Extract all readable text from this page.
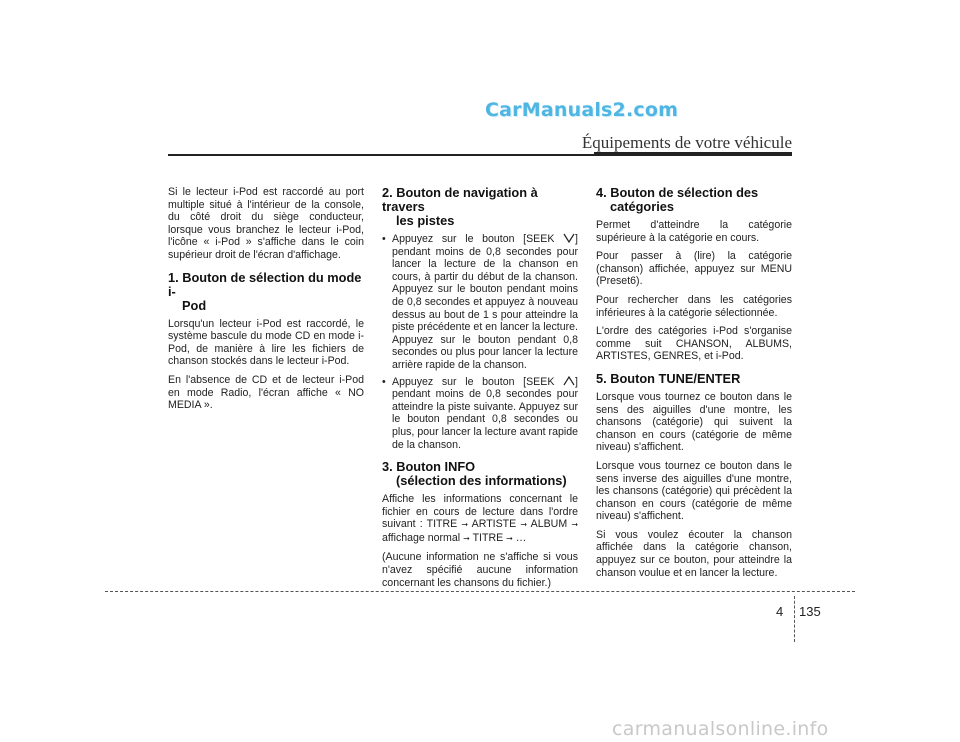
CarManuals2.com
Équipements de votre véhicule

Si le lecteur i-Pod est raccordé au port multiple situé à l'intérieur de la console, du côté droit du siège conducteur, lorsque vous branchez le lecteur i-Pod, l'icône « i-Pod » s'affiche dans le coin supérieur droit de l'écran d'affichage.

1. Bouton de sélection du mode i-
Pod

Lorsqu'un lecteur i-Pod est raccordé, le système bascule du mode CD en mode i-Pod, de manière à lire les fichiers de chanson stockés dans le lecteur i-Pod.

En l'absence de CD et de lecteur i-Pod en mode Radio, l'écran affiche « NO MEDIA ».

2. Bouton de navigation à travers
les pistes
• Appuyez sur le bouton [SEEK ] pendant moins de 0,8 secondes pour lancer la lecture de la chanson en cours, à partir du début de la chanson. Appuyez sur le bouton pendant moins de 0,8 secondes et appuyez à nouveau dessus au bout de 1 s pour atteindre la piste précédente et en lancer la lecture. Appuyez sur le bouton pendant 0,8 secondes ou plus pour lancer la lecture arrière rapide de la chanson.

• Appuyez sur le bouton [SEEK ] pendant moins de 0,8 secondes pour atteindre la piste suivante. Appuyez sur le bouton pendant 0,8 secondes ou plus, pour lancer la lecture avant rapide de la chanson.

3. Bouton INFO
(sélection des informations)

Affiche les informations concernant le fichier en cours de lecture dans l'ordre suivant : TITRE ➞ ARTISTE ➞ ALBUM ➞ affichage normal ➞ TITRE ➞ …

(Aucune information ne s'affiche si vous n'avez spécifié aucune information concernant les chansons du fichier.)

4. Bouton de sélection des
catégories

Permet d'atteindre la catégorie supérieure à la catégorie en cours.

Pour passer à (lire) la catégorie (chanson) affichée, appuyez sur MENU (Preset6).

Pour rechercher dans les catégories inférieures à la catégorie sélectionnée.

L'ordre des catégories i-Pod s'organise comme suit CHANSON, ALBUMS, ARTISTES, GENRES, et i-Pod.

5. Bouton TUNE/ENTER

Lorsque vous tournez ce bouton dans le sens des aiguilles d'une montre, les chansons (catégorie) qui suivent la chanson en cours (catégorie de même niveau) s'affichent.

Lorsque vous tournez ce bouton dans le sens inverse des aiguilles d'une montre, les chansons (catégorie) qui précèdent la chanson en cours (catégorie de même niveau) s'affichent.

Si vous voulez écouter la chanson affichée dans la catégorie chanson, appuyez sur ce bouton, pour atteindre la chanson voulue et en lancer la lecture.

4 135
carmanualsonline.info
